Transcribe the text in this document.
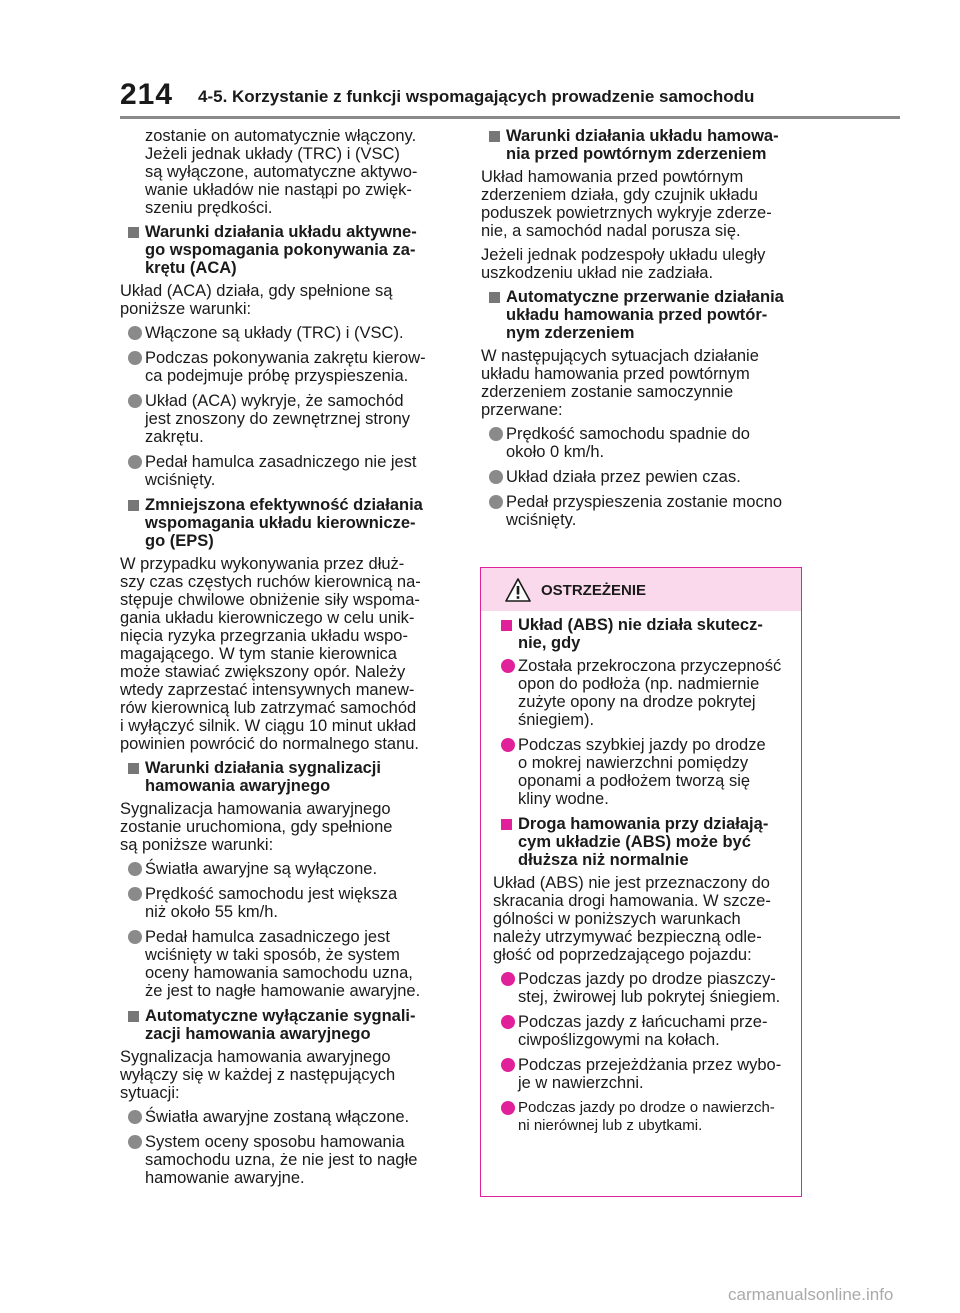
214 4-5. Korzystanie z funkcji wspomagających prowadzenie samochodu
zostanie on automatycznie włączony.
Jeżeli jednak układy (TRC) i (VSC)
są wyłączone, automatyczne aktywo-
wanie układów nie nastąpi po zwięk-
szeniu prędkości.
Warunki działania układu aktywne-
go wspomagania pokonywania za-
krętu (ACA)
Układ (ACA) działa, gdy spełnione są
poniższe warunki:
Włączone są układy (TRC) i (VSC).
Podczas pokonywania zakrętu kierow-
ca podejmuje próbę przyspieszenia.
Układ (ACA) wykryje, że samochód
jest znoszony do zewnętrznej strony
zakrętu.
Pedał hamulca zasadniczego nie jest
wciśnięty.
Zmniejszona efektywność działania
wspomagania układu kierownicze-
go (EPS)
W przypadku wykonywania przez dłuż-
szy czas częstych ruchów kierownicą na-
stępuje chwilowe obniżenie siły wspoma-
gania układu kierowniczego w celu unik-
nięcia ryzyka przegrzania układu wspo-
magającego. W tym stanie kierownica
może stawiać zwiększony opór. Należy
wtedy zaprzestać intensywnych manew-
rów kierownicą lub zatrzymać samochód
i wyłączyć silnik. W ciągu 10 minut układ
powinien powrócić do normalnego stanu.
Warunki działania sygnalizacji
hamowania awaryjnego
Sygnalizacja hamowania awaryjnego
zostanie uruchomiona, gdy spełnione
są poniższe warunki:
Światła awaryjne są wyłączone.
Prędkość samochodu jest większa
niż około 55 km/h.
Pedał hamulca zasadniczego jest
wciśnięty w taki sposób, że system
oceny hamowania samochodu uzna,
że jest to nagłe hamowanie awaryjne.
Automatyczne wyłączanie sygnali-
zacji hamowania awaryjnego
Sygnalizacja hamowania awaryjnego
wyłączy się w każdej z następujących
sytuacji:
Światła awaryjne zostaną włączone.
System oceny sposobu hamowania
samochodu uzna, że nie jest to nagłe
hamowanie awaryjne.
Warunki działania układu hamowa-
nia przed powtórnym zderzeniem
Układ hamowania przed powtórnym
zderzeniem działa, gdy czujnik układu
poduszek powietrznych wykryje zderze-
nie, a samochód nadal porusza się.
Jeżeli jednak podzespoły układu uległy
uszkodzeniu układ nie zadziała.
Automatyczne przerwanie działania
układu hamowania przed powtór-
nym zderzeniem
W następujących sytuacjach działanie
układu hamowania przed powtórnym
zderzeniem zostanie samoczynnie
przerwane:
Prędkość samochodu spadnie do
około 0 km/h.
Układ działa przez pewien czas.
Pedał przyspieszenia zostanie mocno
wciśnięty.
OSTRZEŻENIE
Układ (ABS) nie działa skutecz-
nie, gdy
Została przekroczona przyczepność
opon do podłoża (np. nadmiernie
zużyte opony na drodze pokrytej
śniegiem).
Podczas szybkiej jazdy po drodze
o mokrej nawierzchni pomiędzy
oponami a podłożem tworzą się
kliny wodne.
Droga hamowania przy działają-
cym układzie (ABS) może być
dłuższa niż normalnie
Układ (ABS) nie jest przeznaczony do
skracania drogi hamowania. W szcze-
gólności w poniższych warunkach
należy utrzymywać bezpieczną odle-
głość od poprzedzającego pojazdu:
Podczas jazdy po drodze piaszczy-
stej, żwirowej lub pokrytej śniegiem.
Podczas jazdy z łańcuchami prze-
ciwpoślizgowymi na kołach.
Podczas przejeżdżania przez wybo-
je w nawierzchni.
Podczas jazdy po drodze o nawierzch-
ni nierównej lub z ubytkami.
carmanualsonline.info
